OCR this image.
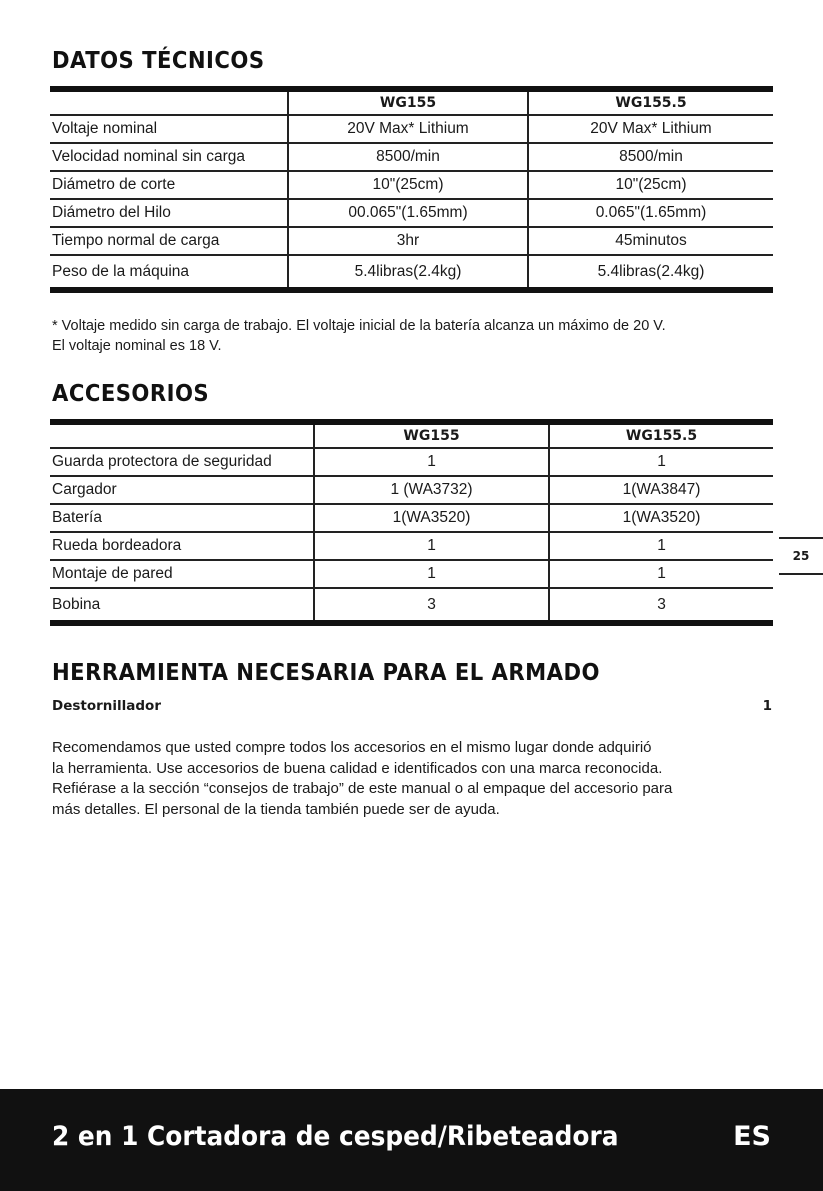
DATOS TÉCNICOS
	WG155	WG155.5
Voltaje nominal	20V Max* Lithium	20V Max* Lithium
Velocidad nominal sin carga	8500/min	8500/min
Diámetro de corte	10"(25cm)	10"(25cm)
Diámetro del Hilo	00.065"(1.65mm)	0.065"(1.65mm)
Tiempo normal de carga	3hr	45minutos
Peso de la máquina	5.4libras(2.4kg)	5.4libras(2.4kg)

* Voltaje medido sin carga de trabajo. El voltaje inicial de la batería alcanza un máximo de 20 V.
El voltaje nominal es 18 V.

ACCESORIOS
	WG155	WG155.5
Guarda protectora de seguridad	1	1
Cargador	1 (WA3732)	1(WA3847)
Batería	1(WA3520)	1(WA3520)
Rueda bordeadora	1	1
Montaje de pared	1	1
Bobina	3	3
25
HERRAMIENTA NECESARIA PARA EL ARMADO
Destornillador	1

Recomendamos que usted compre todos los accesorios en el mismo lugar donde adquirió
la herramienta. Use accesorios de buena calidad e identificados con una marca reconocida.
Refiérase a la sección “consejos de trabajo” de este manual o al empaque del accesorio para
más detalles. El personal de la tienda también puede ser de ayuda.

2 en 1 Cortadora de cesped/Ribeteadora	ES
